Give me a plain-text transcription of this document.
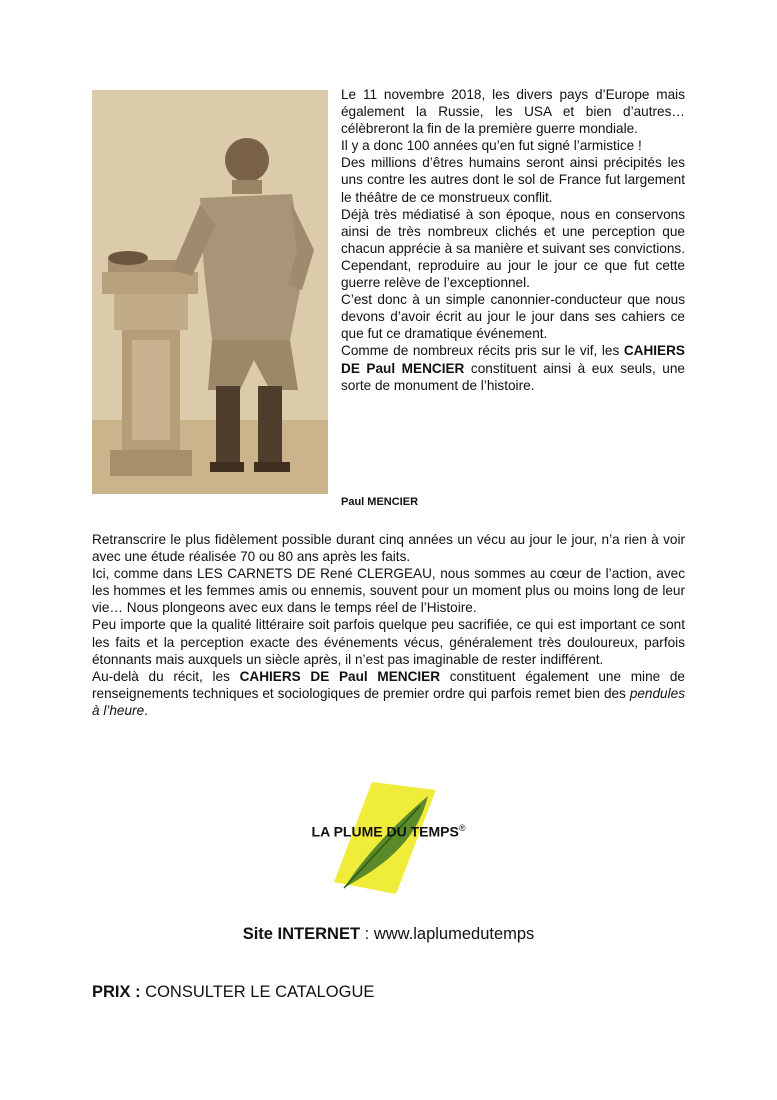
Le 11 novembre 2018, les divers pays d’Europe mais également la Russie, les USA et bien d’autres… célèbreront la fin de la première guerre mondiale.

Il y a donc 100 années qu’en fut signé l’armistice !

Des millions d’êtres humains seront ainsi précipités les uns contre les autres dont le sol de France fut largement le théâtre de ce monstrueux conflit.

Déjà très médiatisé à son époque, nous en conservons ainsi de très nombreux clichés et une perception que chacun apprécie à sa manière et suivant ses convictions. Cependant, reproduire au jour le jour ce que fut cette guerre relève de l’exceptionnel.

C’est donc à un simple canonnier-conducteur que nous devons d’avoir écrit au jour le jour dans ses cahiers ce que fut ce dramatique événement.

Comme de nombreux récits pris sur le vif, les CAHIERS DE Paul MENCIER constituent ainsi à eux seuls, une sorte de monument de l’histoire.

Paul MENCIER

Retranscrire le plus fidèlement possible durant cinq années un vécu au jour le jour, n’a rien à voir avec une étude réalisée 70 ou 80 ans après les faits.

Ici, comme dans LES CARNETS DE René CLERGEAU, nous sommes au cœur de l’action, avec les hommes et les femmes amis ou ennemis, souvent pour un moment plus ou moins long de leur vie… Nous plongeons avec eux dans le temps réel de l’Histoire.

Peu importe que la qualité littéraire soit parfois quelque peu sacrifiée, ce qui est important ce sont les faits et la perception exacte des événements vécus, généralement très douloureux, parfois étonnants mais auxquels un siècle après, il n’est pas imaginable de rester indifférent.

Au-delà du récit, les CAHIERS DE Paul MENCIER constituent également une mine de renseignements techniques et sociologiques de premier ordre qui parfois remet bien des pendules à l’heure.

LA PLUME DU TEMPS®
Site INTERNET : www.laplumedutemps
PRIX : CONSULTER LE CATALOGUE
